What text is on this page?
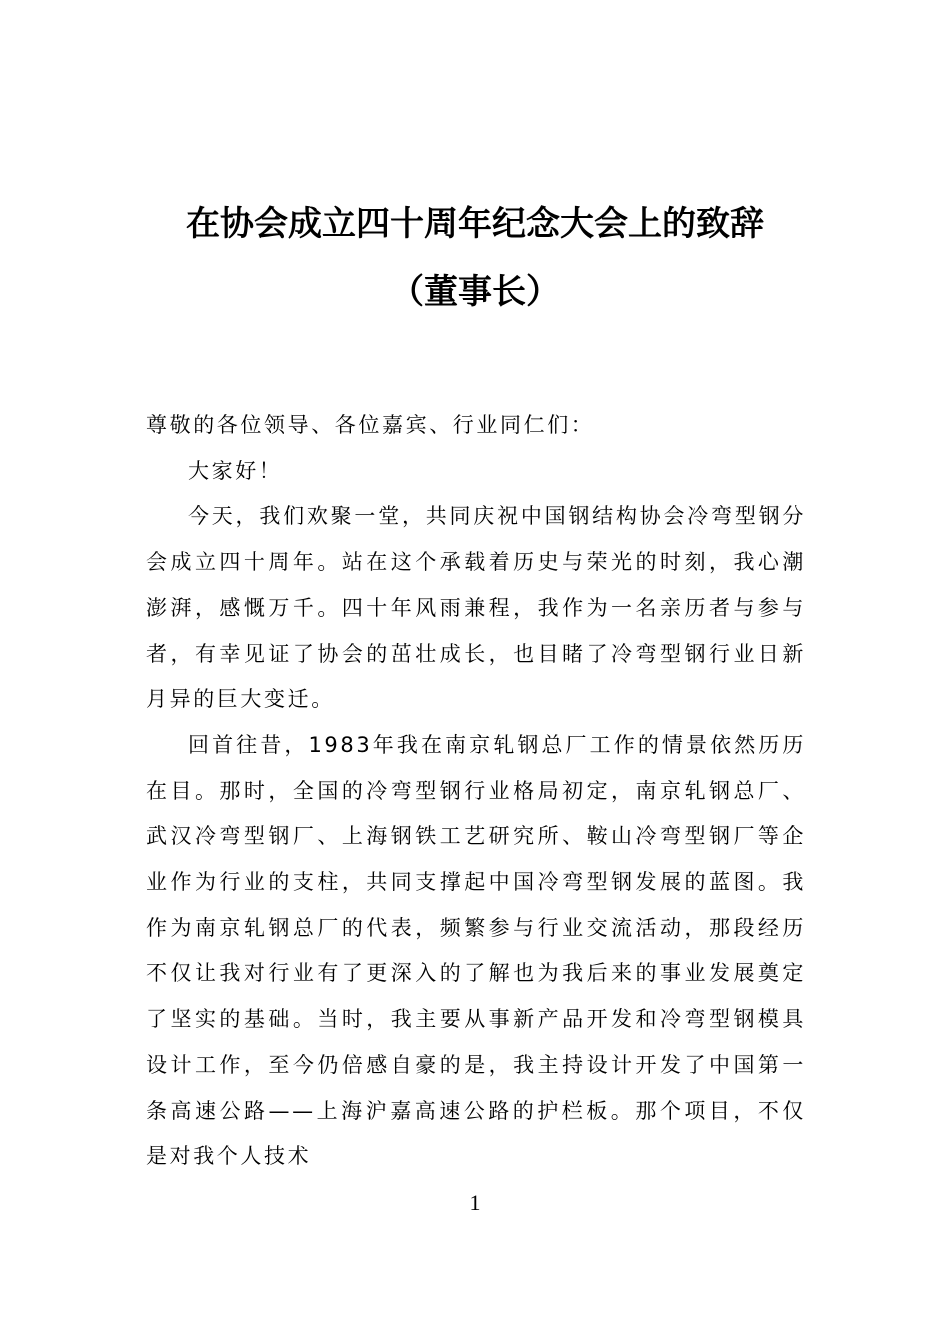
在协会成立四十周年纪念大会上的致辞
（董事长）

尊敬的各位领导、各位嘉宾、行业同仁们：

大家好！

今天，我们欢聚一堂，共同庆祝中国钢结构协会冷弯型钢分会成立四十周年。站在这个承载着历史与荣光的时刻，我心潮澎湃，感慨万千。四十年风雨兼程，我作为一名亲历者与参与者，有幸见证了协会的茁壮成长，也目睹了冷弯型钢行业日新月异的巨大变迁。

回首往昔，1983年我在南京轧钢总厂工作的情景依然历历在目。那时，全国的冷弯型钢行业格局初定，南京轧钢总厂、武汉冷弯型钢厂、上海钢铁工艺研究所、鞍山冷弯型钢厂等企业作为行业的支柱，共同支撑起中国冷弯型钢发展的蓝图。我作为南京轧钢总厂的代表，频繁参与行业交流活动，那段经历不仅让我对行业有了更深入的了解也为我后来的事业发展奠定了坚实的基础。当时，我主要从事新产品开发和冷弯型钢模具设计工作，至今仍倍感自豪的是，我主持设计开发了中国第一条高速公路——上海沪嘉高速公路的护栏板。那个项目，不仅是对我个人技术

1
